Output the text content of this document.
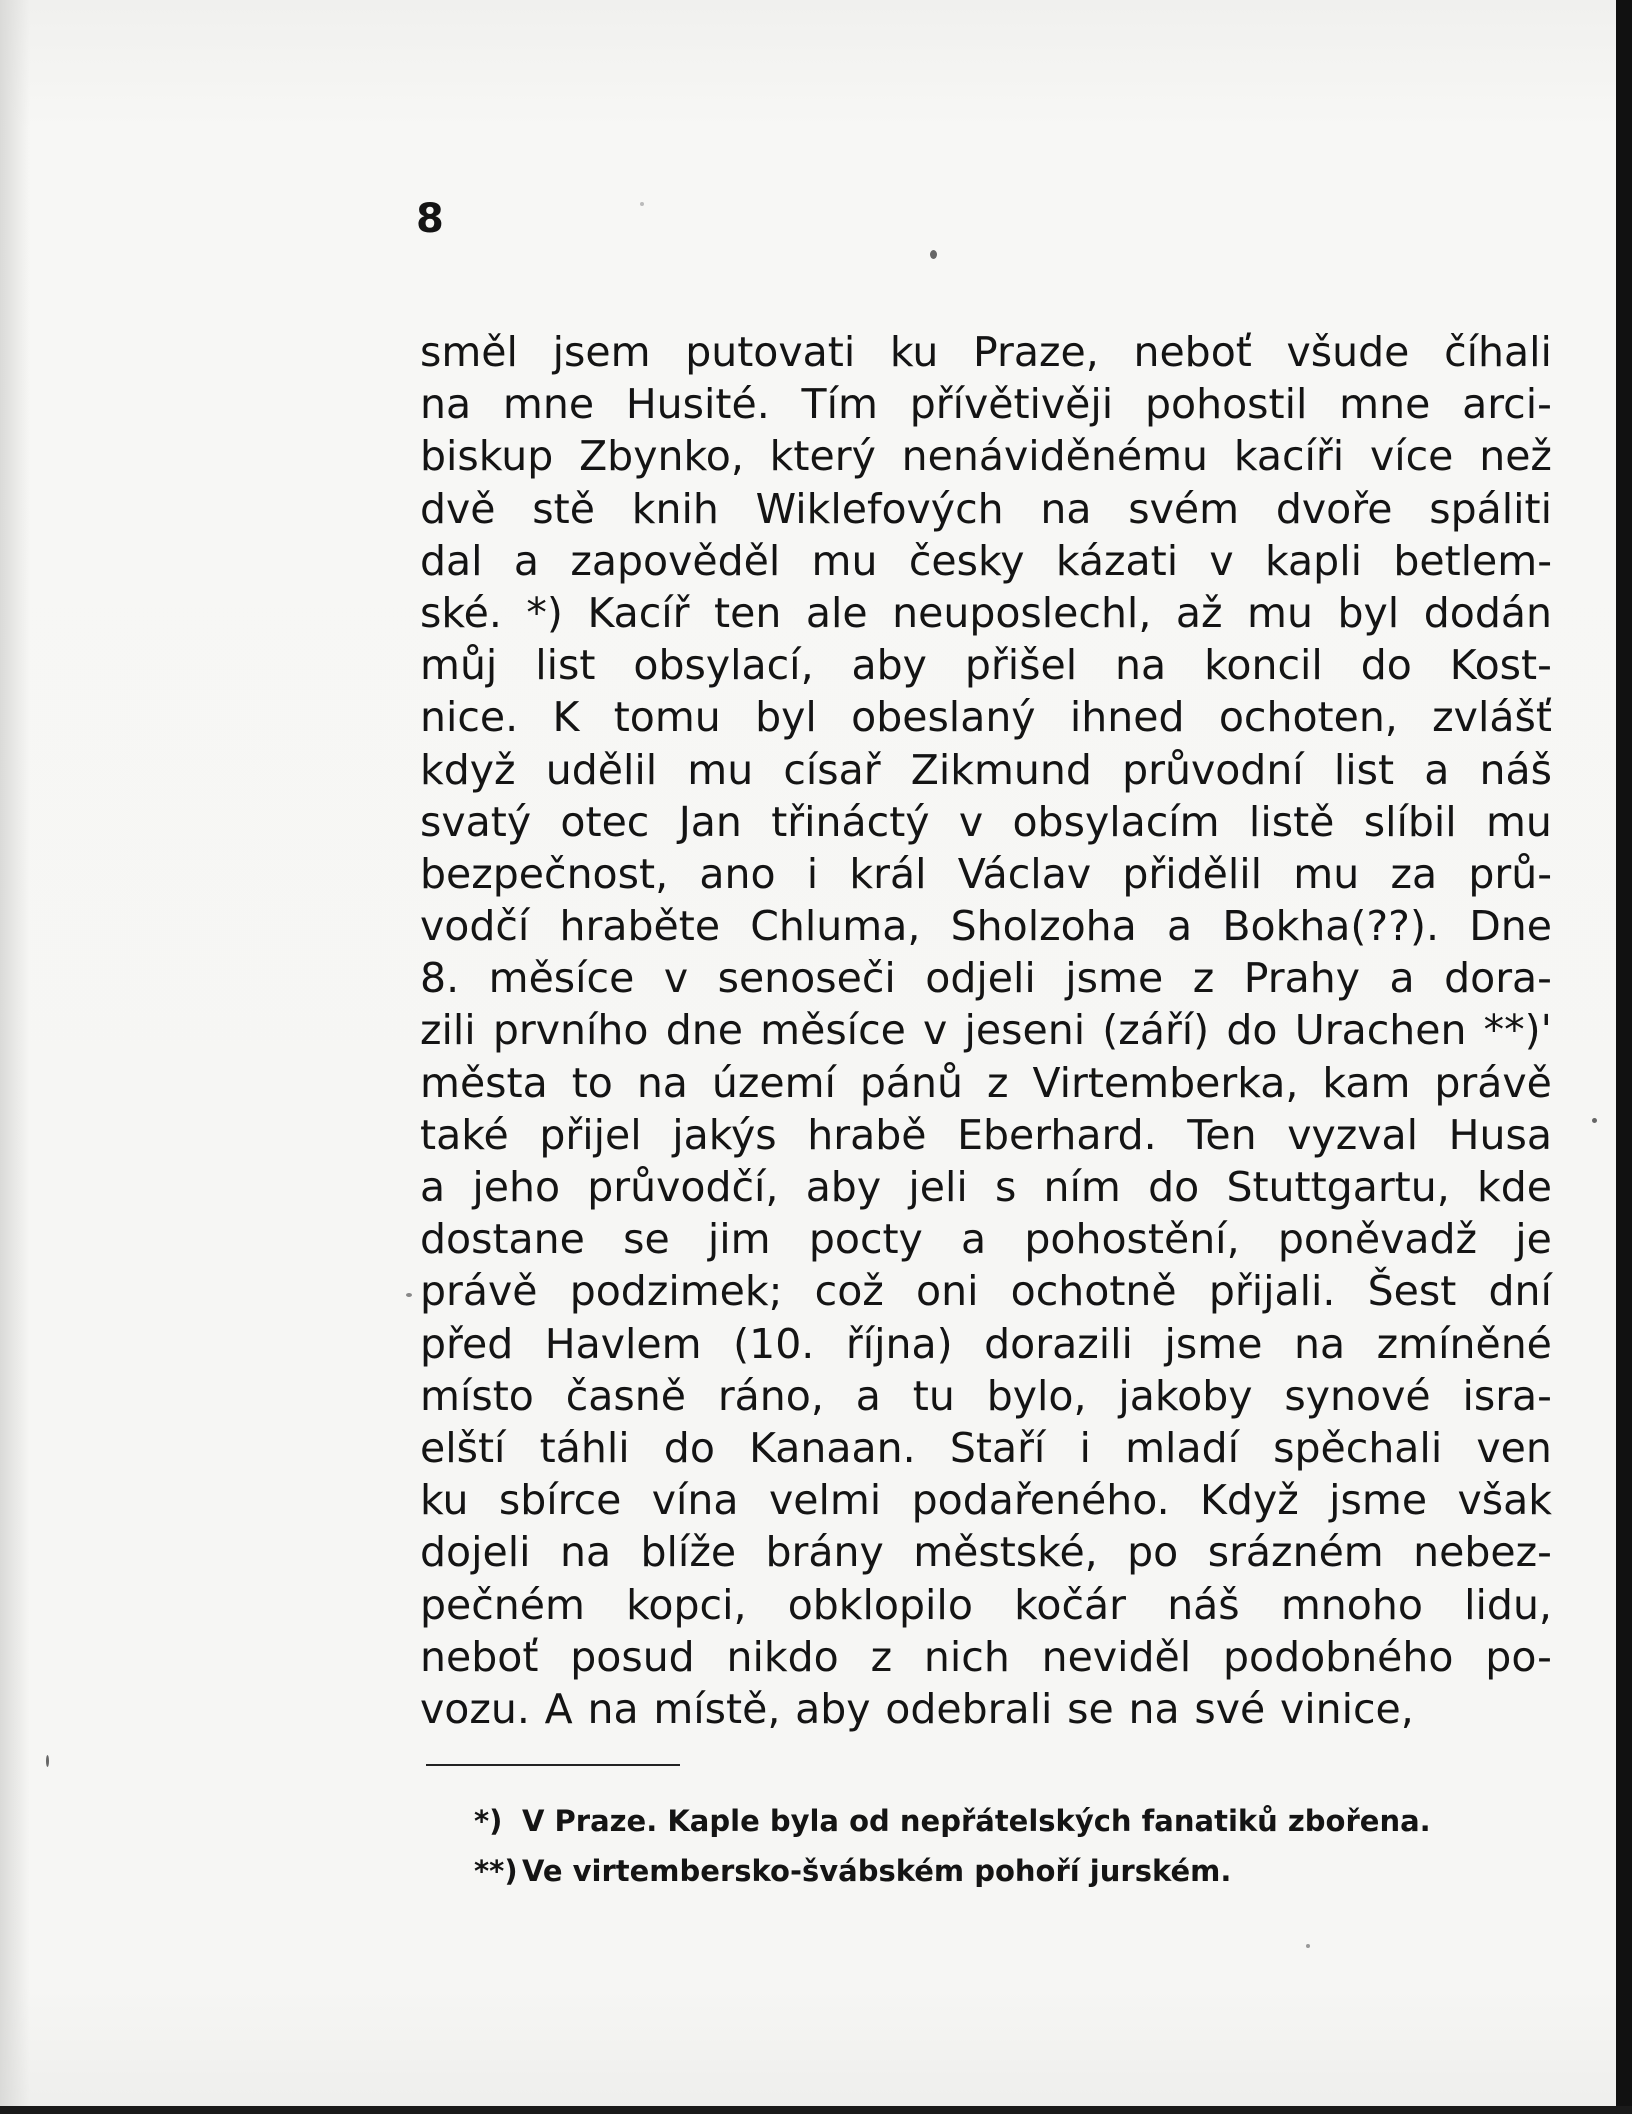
8
směl jsem putovati ku Praze, neboť všude číhali
na mne Husité. Tím přívětivěji pohostil mne arci-
biskup Zbynko, který nenáviděnému kacíři více než
dvě stě knih Wiklefových na svém dvoře spáliti
dal a zapověděl mu česky kázati v kapli betlem-
ské. *) Kacíř ten ale neuposlechl, až mu byl dodán
můj list obsylací, aby přišel na koncil do Kost-
nice. K tomu byl obeslaný ihned ochoten, zvlášť
když udělil mu císař Zikmund průvodní list a náš
svatý otec Jan třináctý v obsylacím listě slíbil mu
bezpečnost, ano i král Václav přidělil mu za prů-
vodčí hraběte Chluma, Sholzoha a Bokha(??). Dne
8. měsíce v senoseči odjeli jsme z Prahy a dora-
zili prvního dne měsíce v jeseni (září) do Urachen **)'
města to na území pánů z Virtemberka, kam právě
také přijel jakýs hrabě Eberhard. Ten vyzval Husa
a jeho průvodčí, aby jeli s ním do Stuttgartu, kde
dostane se jim pocty a pohostění, poněvadž je
právě podzimek; což oni ochotně přijali. Šest dní
před Havlem (10. října) dorazili jsme na zmíněné
místo časně ráno, a tu bylo, jakoby synové isra-
elští táhli do Kanaan. Staří i mladí spěchali ven
ku sbírce vína velmi podařeného. Když jsme však
dojeli na blíže brány městské, po srázném nebez-
pečném kopci, obklopilo kočár náš mnoho lidu,
neboť posud nikdo z nich neviděl podobného po-
vozu. A na místě, aby odebrali se na své vinice,
*) V Praze. Kaple byla od nepřátelských fanatiků zbořena.
**) Ve virtembersko-švábském pohoří jurském.
